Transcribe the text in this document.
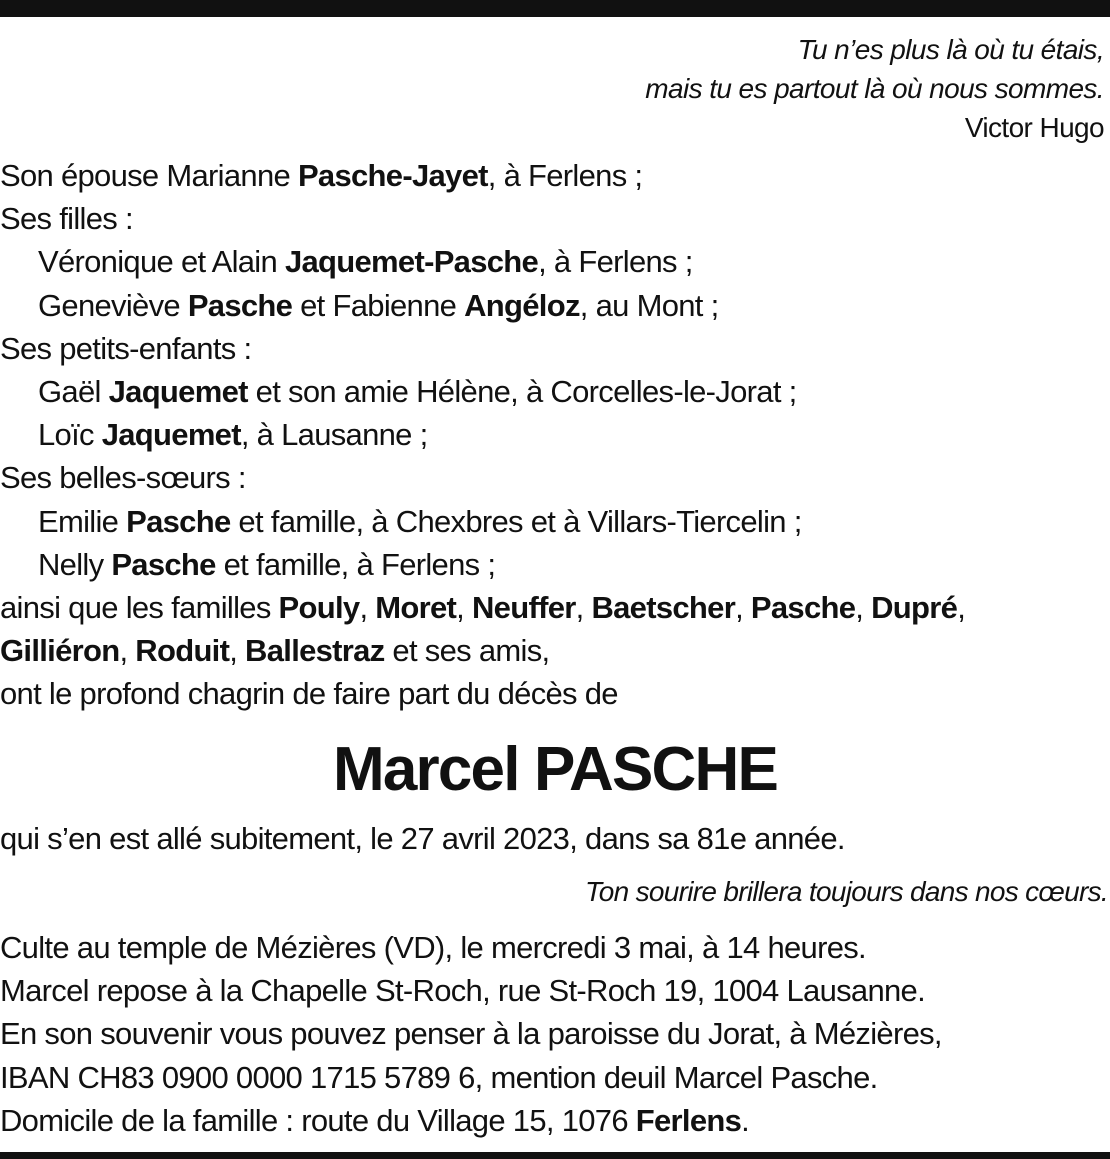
Tu n’es plus là où tu étais,
mais tu es partout là où nous sommes.
Victor Hugo
Son épouse Marianne Pasche-Jayet, à Ferlens ;
Ses filles :
Véronique et Alain Jaquemet-Pasche, à Ferlens ;
Geneviève Pasche et Fabienne Angéloz, au Mont ;
Ses petits-enfants :
Gaël Jaquemet et son amie Hélène, à Corcelles-le-Jorat ;
Loïc Jaquemet, à Lausanne ;
Ses belles-sœurs :
Emilie Pasche et famille, à Chexbres et à Villars-Tiercelin ;
Nelly Pasche et famille, à Ferlens ;
ainsi que les familles Pouly, Moret, Neuffer, Baetscher, Pasche, Dupré,
Gilliéron, Roduit, Ballestraz et ses amis,
ont le profond chagrin de faire part du décès de
Marcel PASCHE
qui s’en est allé subitement, le 27 avril 2023, dans sa 81e année.
Ton sourire brillera toujours dans nos cœurs.
Culte au temple de Mézières (VD), le mercredi 3 mai, à 14 heures.
Marcel repose à la Chapelle St-Roch, rue St-Roch 19, 1004 Lausanne.
En son souvenir vous pouvez penser à la paroisse du Jorat, à Mézières,
IBAN CH83 0900 0000 1715 5789 6, mention deuil Marcel Pasche.
Domicile de la famille : route du Village 15, 1076 Ferlens.
